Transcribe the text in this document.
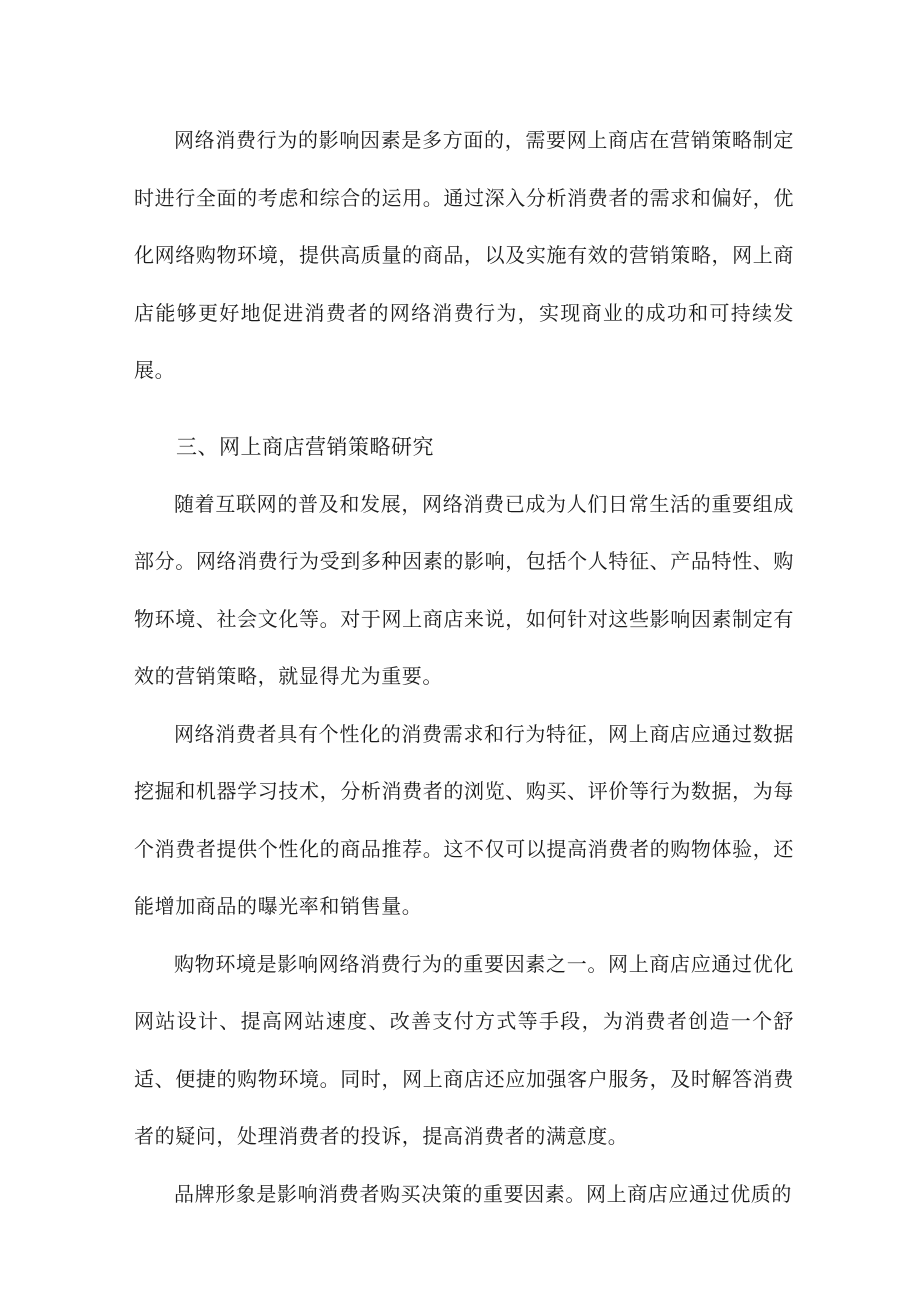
网络消费行为的影响因素是多方面的，需要网上商店在营销策略制定时进行全面的考虑和综合的运用。通过深入分析消费者的需求和偏好，优化网络购物环境，提供高质量的商品，以及实施有效的营销策略，网上商店能够更好地促进消费者的网络消费行为，实现商业的成功和可持续发展。

三、网上商店营销策略研究

随着互联网的普及和发展，网络消费已成为人们日常生活的重要组成部分。网络消费行为受到多种因素的影响，包括个人特征、产品特性、购物环境、社会文化等。对于网上商店来说，如何针对这些影响因素制定有效的营销策略，就显得尤为重要。

网络消费者具有个性化的消费需求和行为特征，网上商店应通过数据挖掘和机器学习技术，分析消费者的浏览、购买、评价等行为数据，为每个消费者提供个性化的商品推荐。这不仅可以提高消费者的购物体验，还能增加商品的曝光率和销售量。

购物环境是影响网络消费行为的重要因素之一。网上商店应通过优化网站设计、提高网站速度、改善支付方式等手段，为消费者创造一个舒适、便捷的购物环境。同时，网上商店还应加强客户服务，及时解答消费者的疑问，处理消费者的投诉，提高消费者的满意度。

品牌形象是影响消费者购买决策的重要因素。网上商店应通过优质的
